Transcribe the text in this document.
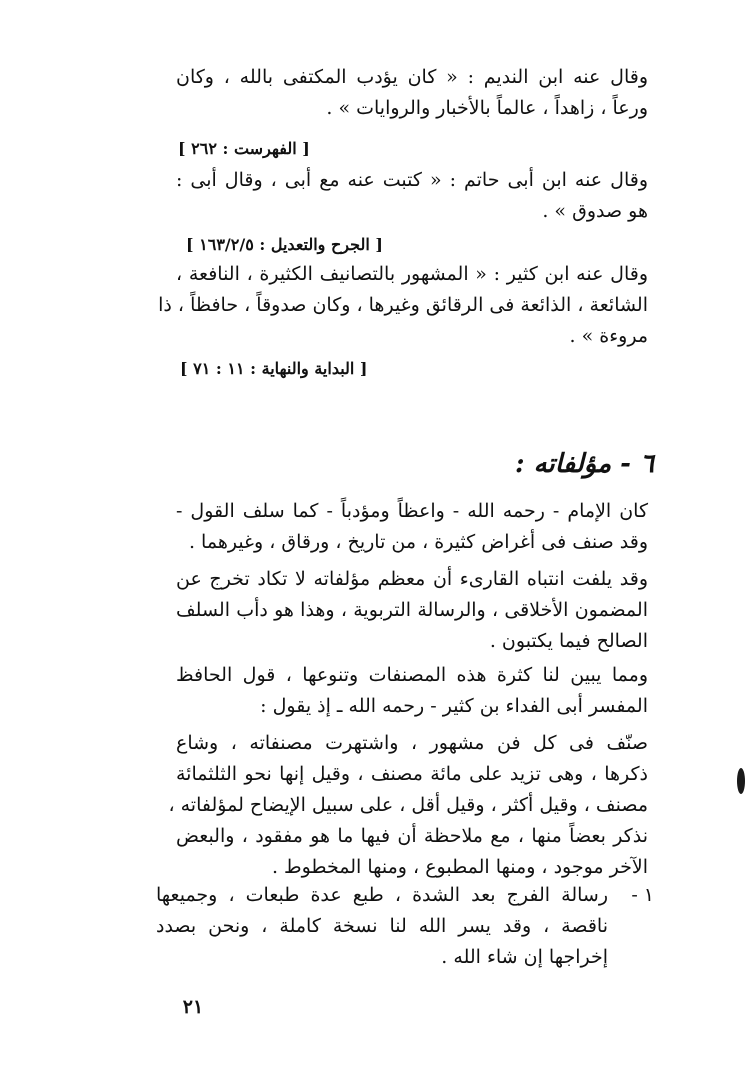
وقال عنه ابن النديم : « كان يؤدب المكتفى بالله ، وكان
ورعاً ، زاهداً ، عالماً بالأخبار والروايات » .
[ الفهرست : ٢٦٢ ]
وقال عنه ابن أبى حاتم : « كتبت عنه مع أبى ، وقال أبى :
هو صدوق » .
[ الجرح والتعديل : ١٦٣/٢/٥ ]
وقال عنه ابن كثير : « المشهور بالتصانيف الكثيرة ، النافعة ،
الشائعة ، الذائعة فى الرقائق وغيرها ، وكان صدوقاً ، حافظاً ، ذا
مروءة » .
[ البداية والنهاية : ١١ : ٧١ ]
٦ - مؤلفاته :
كان الإمام - رحمه الله - واعظاً ومؤدباً - كما سلف القول -
وقد صنف فى أغراض كثيرة ، من تاريخ ، ورقاق ، وغيرهما .
وقد يلفت انتباه القارىء أن معظم مؤلفاته لا تكاد تخرج عن
المضمون الأخلاقى ، والرسالة التربوية ، وهذا هو دأب السلف
الصالح فيما يكتبون .
ومما يبين لنا كثرة هذه المصنفات وتنوعها ، قول الحافظ
المفسر أبى الفداء بن كثير - رحمه الله ـ إذ يقول :
صنّف فى كل فن مشهور ، واشتهرت مصنفاته ، وشاع
ذكرها ، وهى تزيد على مائة مصنف ، وقيل إنها نحو الثلثمائة
مصنف ، وقيل أكثر ، وقيل أقل ، على سبيل الإيضاح لمؤلفاته ،
نذكر بعضاً منها ، مع ملاحظة أن فيها ما هو مفقود ، والبعض
الآخر موجود ، ومنها المطبوع ، ومنها المخطوط .
١ -
رسالة الفرج بعد الشدة ، طبع عدة طبعات ، وجميعها
ناقصة ، وقد يسر الله لنا نسخة كاملة ، ونحن بصدد
إخراجها إن شاء الله .
٢١
